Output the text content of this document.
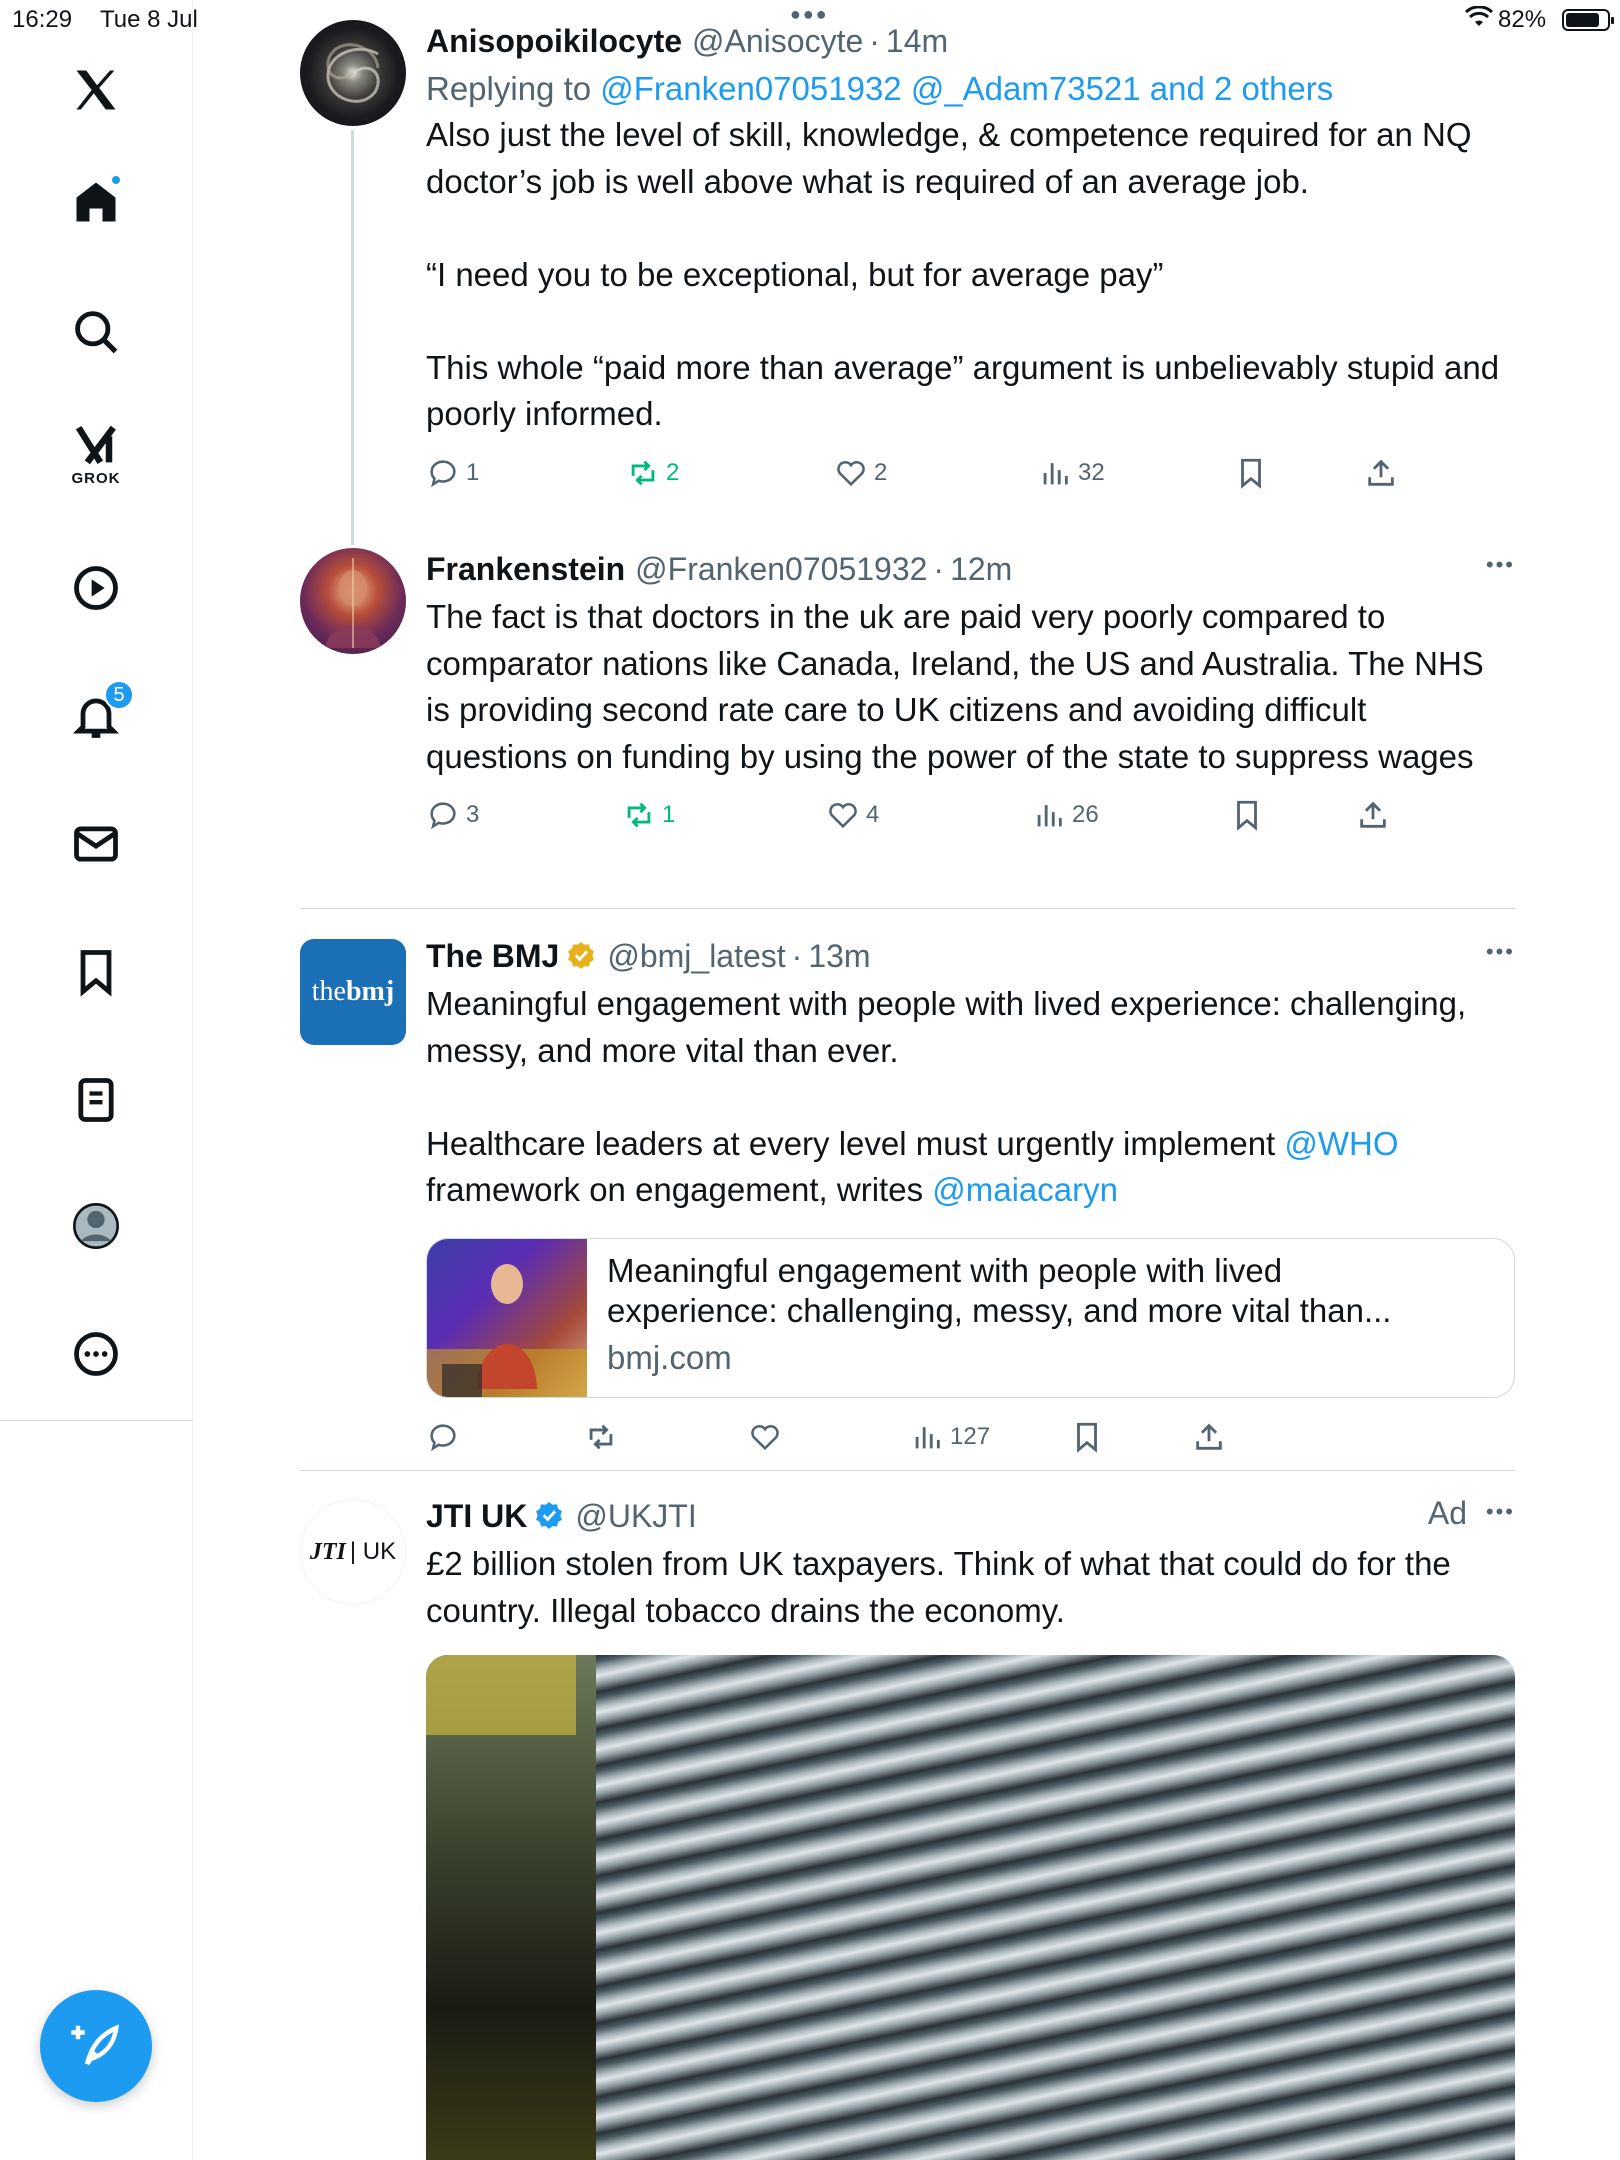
16:29 Tue 8 Jul	●●●	82%
GROK
5
Anisopoikilocyte @Anisocyte · 14m
Replying to @Franken07051932 @_Adam73521 and 2 others
Also just the level of skill, knowledge, & competence required for an NQ doctor’s job is well above what is required of an average job.

“I need you to be exceptional, but for average pay”

This whole “paid more than average” argument is unbelievably stupid and poorly informed.
1	2	2	32
Frankenstein @Franken07051932 · 12m	•••
The fact is that doctors in the uk are paid very poorly compared to comparator nations like Canada, Ireland, the US and Australia. The NHS is providing second rate care to UK citizens and avoiding difficult questions on funding by using the power of the state to suppress wages
3	1	4	26
the bmj
The BMJ @bmj_latest · 13m	•••
Meaningful engagement with people with lived experience: challenging, messy, and more vital than ever.

Healthcare leaders at every level must urgently implement @WHO
framework on engagement, writes @maiacaryn
Meaningful engagement with people with lived experience: challenging, messy, and more vital than...
bmj.com
127
JTI | UK
JTI UK @UKJTI	Ad •••
£2 billion stolen from UK taxpayers. Think of what that could do for the country. Illegal tobacco drains the economy.
